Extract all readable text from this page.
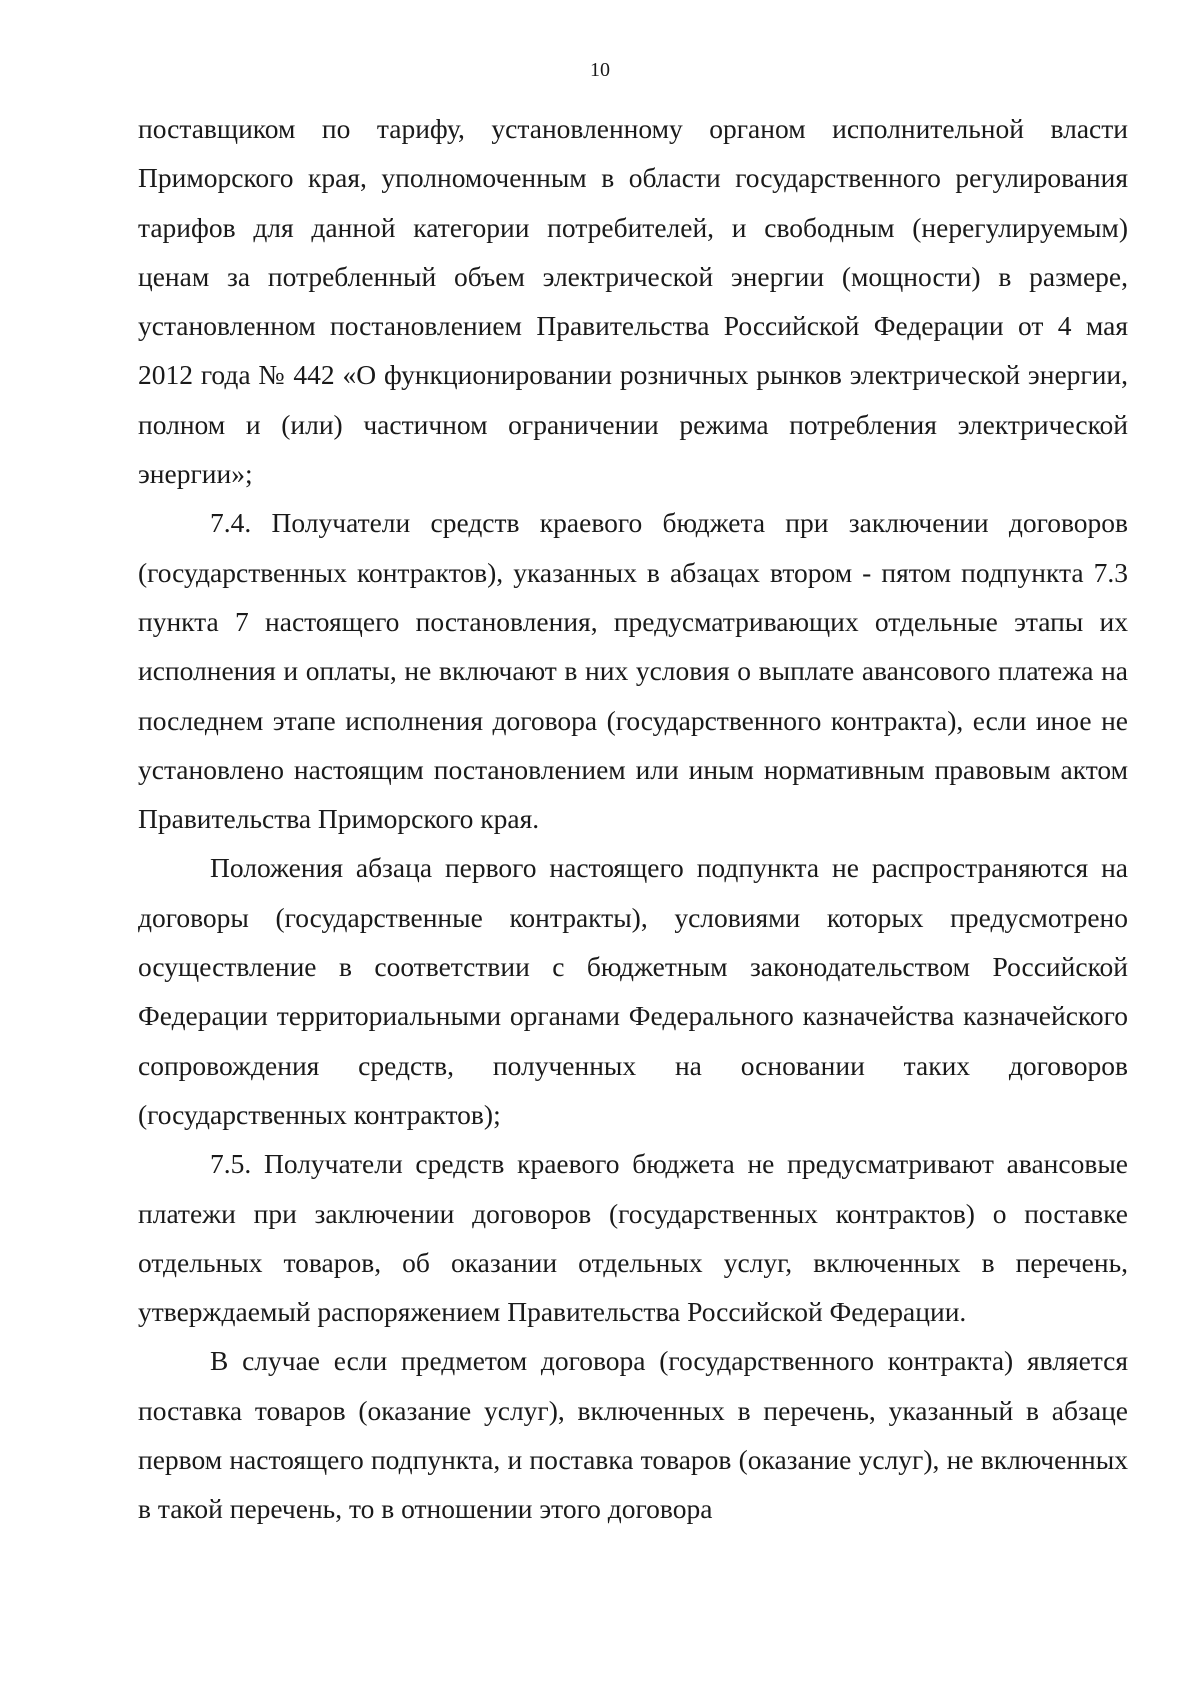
10

поставщиком по тарифу, установленному органом исполнительной власти Приморского края, уполномоченным в области государственного регулирования тарифов для данной категории потребителей, и свободным (нерегулируемым) ценам за потребленный объем электрической энергии (мощности) в размере, установленном постановлением Правительства Российской Федерации от 4 мая 2012 года № 442 «О функционировании розничных рынков электрической энергии, полном и (или) частичном ограничении режима потребления электрической энергии»;

7.4. Получатели средств краевого бюджета при заключении договоров (государственных контрактов), указанных в абзацах втором - пятом подпункта 7.3 пункта 7 настоящего постановления, предусматривающих отдельные этапы их исполнения и оплаты, не включают в них условия о выплате авансового платежа на последнем этапе исполнения договора (государственного контракта), если иное не установлено настоящим постановлением или иным нормативным правовым актом Правительства Приморского края.

Положения абзаца первого настоящего подпункта не распространяются на договоры (государственные контракты), условиями которых предусмотрено осуществление в соответствии с бюджетным законодательством Российской Федерации территориальными органами Федерального казначейства казначейского сопровождения средств, полученных на основании таких договоров (государственных контрактов);

7.5. Получатели средств краевого бюджета не предусматривают авансовые платежи при заключении договоров (государственных контрактов) о поставке отдельных товаров, об оказании отдельных услуг, включенных в перечень, утверждаемый распоряжением Правительства Российской Федерации.

В случае если предметом договора (государственного контракта) является поставка товаров (оказание услуг), включенных в перечень, указанный в абзаце первом настоящего подпункта, и поставка товаров (оказание услуг), не включенных в такой перечень, то в отношении этого договора
